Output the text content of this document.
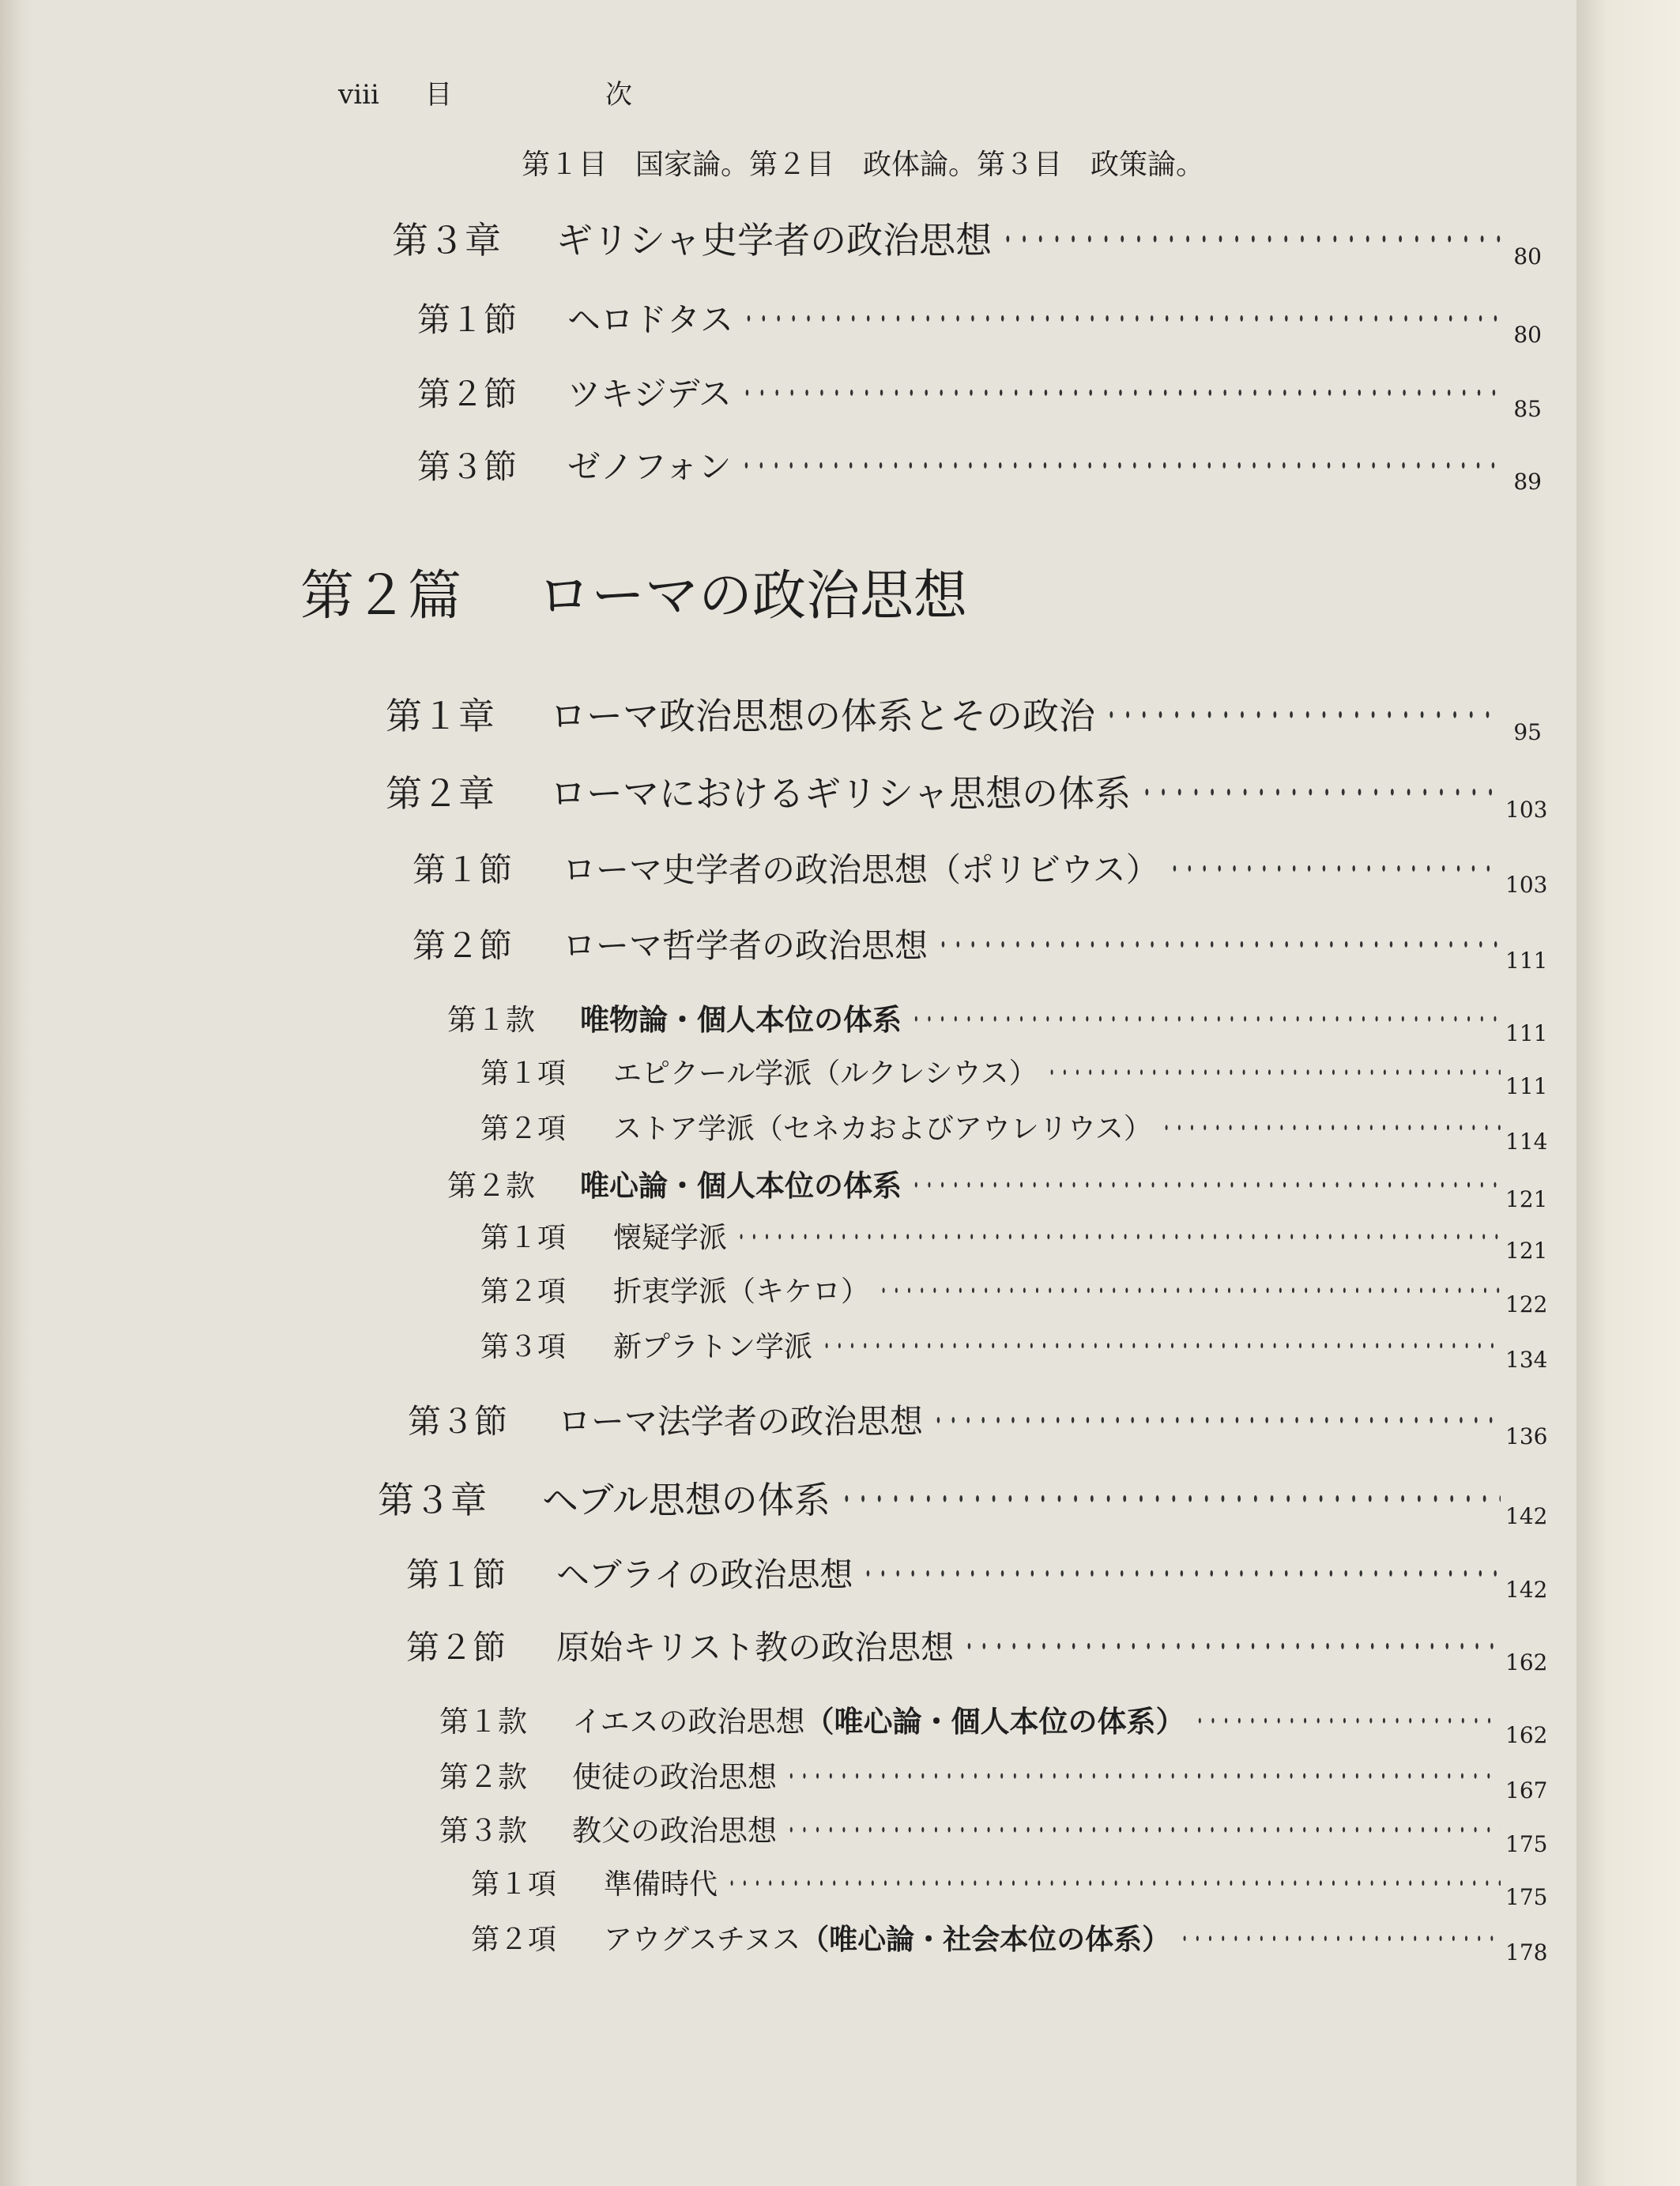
viii 目	次
第１目　国家論。第２目　政体論。第３目　政策論。
第２篇 ローマの政治思想
第３章	ギリシャ史学者の政治思想 ・・・・・・・・・・・・・・・・・・・・・・・・・・・・・・・・・・・・・・・・・・・・・・・・・・・・・・・・・・・・・・・・・・・・・・・・・・・・・・・・・・・・・・・・・・・・・・・・・・・・・・・	80
第１節	ヘロドタス ・・・・・・・・・・・・・・・・・・・・・・・・・・・・・・・・・・・・・・・・・・・・・・・・・・・・・・・・・・・・・・・・・・・・・・・・・・・・・・・・・・・・・・・・・・・・・・・・・・・・・・・	80
第２節	ツキジデス ・・・・・・・・・・・・・・・・・・・・・・・・・・・・・・・・・・・・・・・・・・・・・・・・・・・・・・・・・・・・・・・・・・・・・・・・・・・・・・・・・・・・・・・・・・・・・・・・・・・・・・・	85
第３節	ゼノフォン ・・・・・・・・・・・・・・・・・・・・・・・・・・・・・・・・・・・・・・・・・・・・・・・・・・・・・・・・・・・・・・・・・・・・・・・・・・・・・・・・・・・・・・・・・・・・・・・・・・・・・・・	89
第１章	ローマ政治思想の体系とその政治 ・・・・・・・・・・・・・・・・・・・・・・・・・・・・・・・・・・・・・・・・・・・・・・・・・・・・・・・・・・・・・・・・・・・・・・・・・・・・・・・・・・・・・・・・・・・・・・・・・・・・・・・	95
第２章	ローマにおけるギリシャ思想の体系 ・・・・・・・・・・・・・・・・・・・・・・・・・・・・・・・・・・・・・・・・・・・・・・・・・・・・・・・・・・・・・・・・・・・・・・・・・・・・・・・・・・・・・・・・・・・・・・・・・・・・・・・	103
第１節	ローマ史学者の政治思想（ポリビウス） ・・・・・・・・・・・・・・・・・・・・・・・・・・・・・・・・・・・・・・・・・・・・・・・・・・・・・・・・・・・・・・・・・・・・・・・・・・・・・・・・・・・・・・・・・・・・・・・・・・・・・・・	103
第２節	ローマ哲学者の政治思想 ・・・・・・・・・・・・・・・・・・・・・・・・・・・・・・・・・・・・・・・・・・・・・・・・・・・・・・・・・・・・・・・・・・・・・・・・・・・・・・・・・・・・・・・・・・・・・・・・・・・・・・・	111
第１款	唯物論・個人本位の体系 ・・・・・・・・・・・・・・・・・・・・・・・・・・・・・・・・・・・・・・・・・・・・・・・・・・・・・・・・・・・・・・・・・・・・・・・・・・・・・・・・・・・・・・・・・・・・・・・・・・・・・・・	111
第１項	エピクール学派（ルクレシウス） ・・・・・・・・・・・・・・・・・・・・・・・・・・・・・・・・・・・・・・・・・・・・・・・・・・・・・・・・・・・・・・・・・・・・・・・・・・・・・・・・・・・・・・・・・・・・・・・・・・・・・・・	111
第２項	ストア学派（セネカおよびアウレリウス） ・・・・・・・・・・・・・・・・・・・・・・・・・・・・・・・・・・・・・・・・・・・・・・・・・・・・・・・・・・・・・・・・・・・・・・・・・・・・・・・・・・・・・・・・・・・・・・・・・・・・・・・	114
第２款	唯心論・個人本位の体系 ・・・・・・・・・・・・・・・・・・・・・・・・・・・・・・・・・・・・・・・・・・・・・・・・・・・・・・・・・・・・・・・・・・・・・・・・・・・・・・・・・・・・・・・・・・・・・・・・・・・・・・・	121
第１項	懐疑学派 ・・・・・・・・・・・・・・・・・・・・・・・・・・・・・・・・・・・・・・・・・・・・・・・・・・・・・・・・・・・・・・・・・・・・・・・・・・・・・・・・・・・・・・・・・・・・・・・・・・・・・・・	121
第２項	折衷学派（キケロ） ・・・・・・・・・・・・・・・・・・・・・・・・・・・・・・・・・・・・・・・・・・・・・・・・・・・・・・・・・・・・・・・・・・・・・・・・・・・・・・・・・・・・・・・・・・・・・・・・・・・・・・・	122
第３項	新プラトン学派 ・・・・・・・・・・・・・・・・・・・・・・・・・・・・・・・・・・・・・・・・・・・・・・・・・・・・・・・・・・・・・・・・・・・・・・・・・・・・・・・・・・・・・・・・・・・・・・・・・・・・・・・	134
第３節	ローマ法学者の政治思想 ・・・・・・・・・・・・・・・・・・・・・・・・・・・・・・・・・・・・・・・・・・・・・・・・・・・・・・・・・・・・・・・・・・・・・・・・・・・・・・・・・・・・・・・・・・・・・・・・・・・・・・・	136
第３章	ヘブル思想の体系 ・・・・・・・・・・・・・・・・・・・・・・・・・・・・・・・・・・・・・・・・・・・・・・・・・・・・・・・・・・・・・・・・・・・・・・・・・・・・・・・・・・・・・・・・・・・・・・・・・・・・・・・	142
第１節	ヘブライの政治思想 ・・・・・・・・・・・・・・・・・・・・・・・・・・・・・・・・・・・・・・・・・・・・・・・・・・・・・・・・・・・・・・・・・・・・・・・・・・・・・・・・・・・・・・・・・・・・・・・・・・・・・・・	142
第２節	原始キリスト教の政治思想 ・・・・・・・・・・・・・・・・・・・・・・・・・・・・・・・・・・・・・・・・・・・・・・・・・・・・・・・・・・・・・・・・・・・・・・・・・・・・・・・・・・・・・・・・・・・・・・・・・・・・・・・	162
第１款	イエスの政治思想 （唯心論・個人本位の体系） ・・・・・・・・・・・・・・・・・・・・・・・・・・・・・・・・・・・・・・・・・・・・・・・・・・・・・・・・・・・・・・・・・・・・・・・・・・・・・・・・・・・・・・・・・・・・・・・・・・・・・・・	162
第２款	使徒の政治思想 ・・・・・・・・・・・・・・・・・・・・・・・・・・・・・・・・・・・・・・・・・・・・・・・・・・・・・・・・・・・・・・・・・・・・・・・・・・・・・・・・・・・・・・・・・・・・・・・・・・・・・・・	167
第３款	教父の政治思想 ・・・・・・・・・・・・・・・・・・・・・・・・・・・・・・・・・・・・・・・・・・・・・・・・・・・・・・・・・・・・・・・・・・・・・・・・・・・・・・・・・・・・・・・・・・・・・・・・・・・・・・・	175
第１項	準備時代 ・・・・・・・・・・・・・・・・・・・・・・・・・・・・・・・・・・・・・・・・・・・・・・・・・・・・・・・・・・・・・・・・・・・・・・・・・・・・・・・・・・・・・・・・・・・・・・・・・・・・・・・	175
第２項	アウグスチヌス （唯心論・社会本位の体系） ・・・・・・・・・・・・・・・・・・・・・・・・・・・・・・・・・・・・・・・・・・・・・・・・・・・・・・・・・・・・・・・・・・・・・・・・・・・・・・・・・・・・・・・・・・・・・・・・・・・・・・・	178
